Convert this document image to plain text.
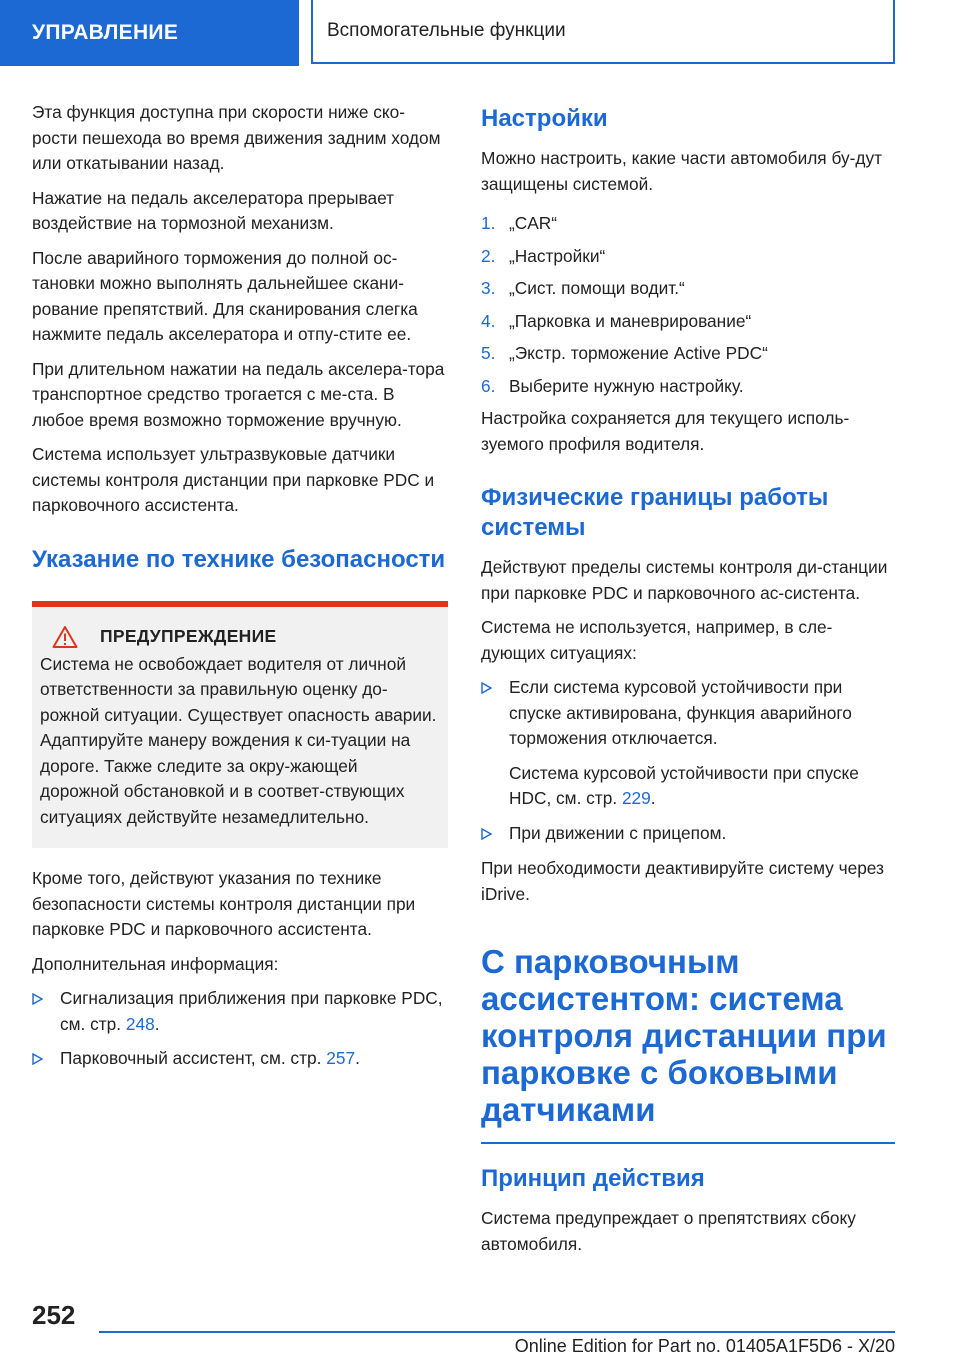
УПРАВЛЕНИЕ	Вспомогательные функции

Эта функция доступна при скорости ниже ско-рости пешехода во время движения задним ходом или откатывании назад.

Нажатие на педаль акселератора прерывает воздействие на тормозной механизм.

После аварийного торможения до полной ос-тановки можно выполнять дальнейшее скани-рование препятствий. Для сканирования слегка нажмите педаль акселератора и отпу-стите ее.

При длительном нажатии на педаль акселера-тора транспортное средство трогается с ме-ста. В любое время возможно торможение вручную.

Система использует ультразвуковые датчики системы контроля дистанции при парковке PDC и парковочного ассистента.

Указание по технике безопасности
ПРЕДУПРЕЖДЕНИЕ

Система не освобождает водителя от личной ответственности за правильную оценку до-рожной ситуации. Существует опасность аварии. Адаптируйте манеру вождения к си-туации на дороге. Также следите за окру-жающей дорожной обстановкой и в соответ-ствующих ситуациях действуйте незамедлительно.

Кроме того, действуют указания по технике безопасности системы контроля дистанции при парковке PDC и парковочного ассистента.

Дополнительная информация:

Сигнализация приближения при парковке PDC, см. стр. 248.
Парковочный ассистент, см. стр. 257.
Настройки

Можно настроить, какие части автомобиля бу-дут защищены системой.

1. „CAR“
2. „Настройки“
3. „Сист. помощи водит.“
4. „Парковка и маневрирование“
5. „Экстр. торможение Active PDC“
6. Выберите нужную настройку.

Настройка сохраняется для текущего исполь-зуемого профиля водителя.

Физические границы работы системы

Действуют пределы системы контроля ди-станции при парковке PDC и парковочного ас-систента.

Система не используется, например, в сле-дующих ситуациях:

Если система курсовой устойчивости при спуске активирована, функция аварийного торможения отключается.

Система курсовой устойчивости при спуске HDC, см. стр. 229.

При движении с прицепом.

При необходимости деактивируйте систему через iDrive.

С парковочным ассистентом: система контроля дистанции при парковке с боковыми датчиками
Принцип действия

Система предупреждает о препятствиях сбоку автомобиля.

252
Online Edition for Part no. 01405A1F5D6 - X/20
